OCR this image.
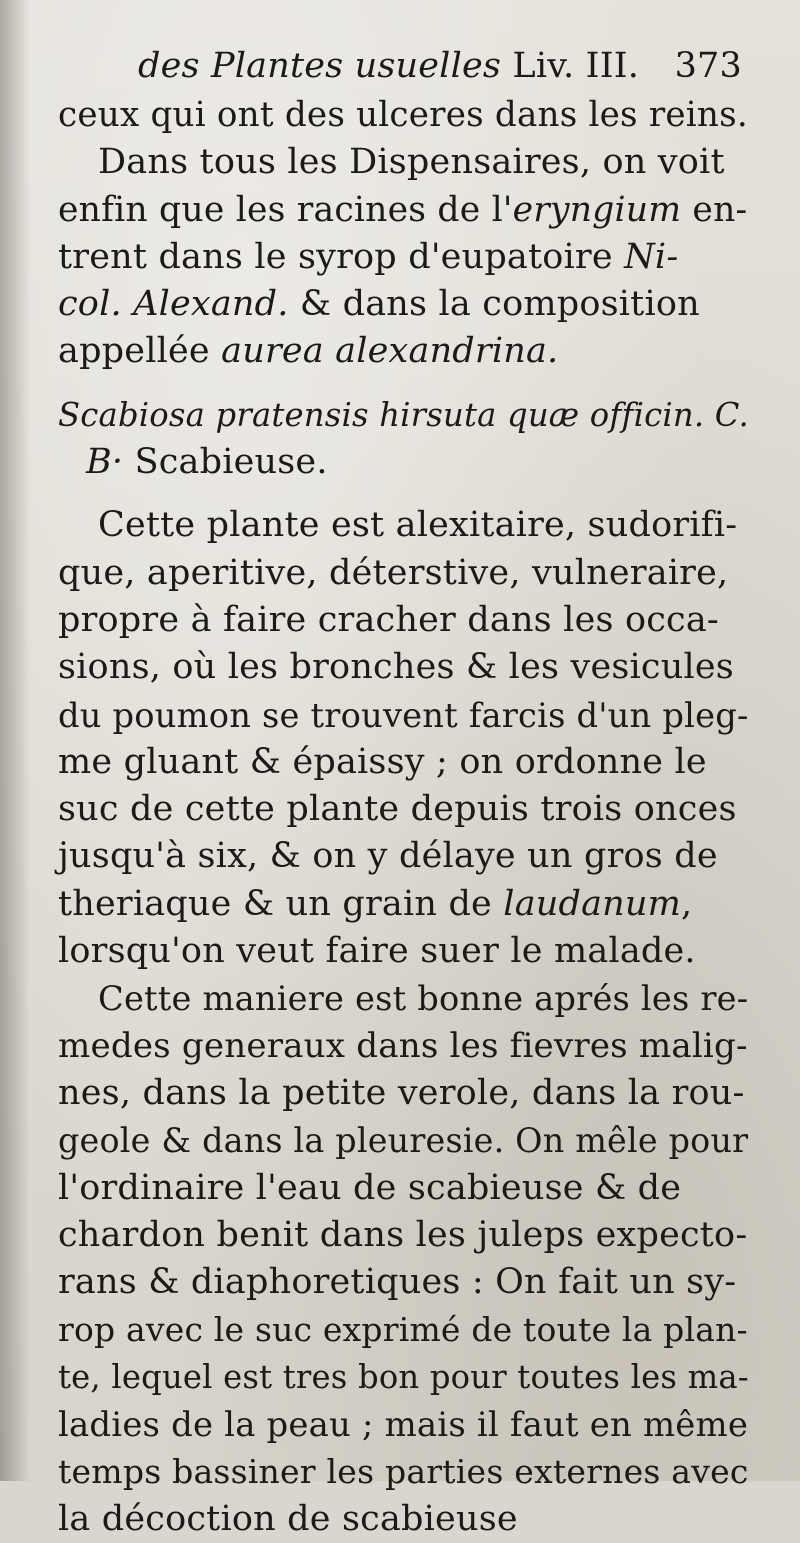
des Plantes usuelles Liv. III. 373
ceux qui ont des ulceres dans les reins.
Dans tous les Dispensaires, on voit
enfin que les racines de l'eryngium en-
trent dans le syrop d'eupatoire Ni-
col. Alexand. & dans la composition
appellée aurea alexandrina.
Scabiosa pratensis hirsuta quæ officin. C.
B· Scabieuse.
Cette plante est alexitaire, sudorifi-
que, aperitive, déterstive, vulneraire,
propre à faire cracher dans les occa-
sions, où les bronches & les vesicules
du poumon se trouvent farcis d'un pleg-
me gluant & épaissy ; on ordonne le
suc de cette plante depuis trois onces
jusqu'à six, & on y délaye un gros de
theriaque & un grain de laudanum,
lorsqu'on veut faire suer le malade.
Cette maniere est bonne aprés les re-
medes generaux dans les fievres malig-
nes, dans la petite verole, dans la rou-
geole & dans la pleuresie. On mêle pour
l'ordinaire l'eau de scabieuse & de
chardon benit dans les juleps expecto-
rans & diaphoretiques : On fait un sy-
rop avec le suc exprimé de toute la plan-
te, lequel est tres bon pour toutes les ma-
ladies de la peau ; mais il faut en même
temps bassiner les parties externes avec
la décoction de scabieuse
